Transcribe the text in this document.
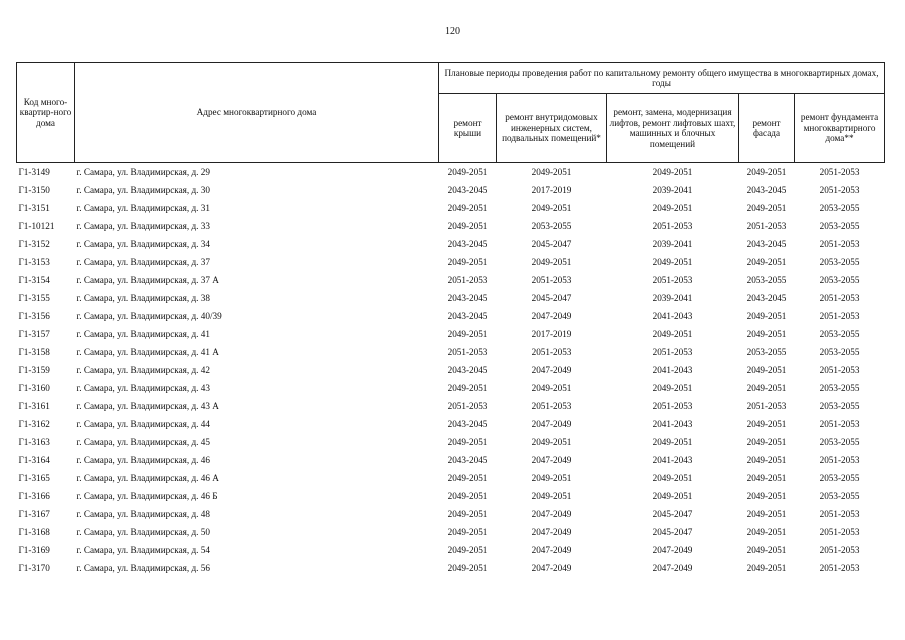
120
Код много-квартир-ного дома	Адрес многоквартирного дома	Плановые периоды проведения работ по капитальному ремонту общего имущества в многоквартирных домах, годы				
		ремонт крыши	ремонт внутридомовых инженерных систем, подвальных помещений*	ремонт, замена, модернизация лифтов, ремонт лифтовых шахт, машинных и блочных помещений	ремонт фасада	ремонт фундамента многоквартирного дома**
Г1-3149	г. Самара, ул. Владимирская, д. 29	2049-2051	2049-2051	2049-2051	2049-2051	2051-2053
Г1-3150	г. Самара, ул. Владимирская, д. 30	2043-2045	2017-2019	2039-2041	2043-2045	2051-2053
Г1-3151	г. Самара, ул. Владимирская, д. 31	2049-2051	2049-2051	2049-2051	2049-2051	2053-2055
Г1-10121	г. Самара, ул. Владимирская, д. 33	2049-2051	2053-2055	2051-2053	2051-2053	2053-2055
Г1-3152	г. Самара, ул. Владимирская, д. 34	2043-2045	2045-2047	2039-2041	2043-2045	2051-2053
Г1-3153	г. Самара, ул. Владимирская, д. 37	2049-2051	2049-2051	2049-2051	2049-2051	2053-2055
Г1-3154	г. Самара, ул. Владимирская, д. 37 А	2051-2053	2051-2053	2051-2053	2053-2055	2053-2055
Г1-3155	г. Самара, ул. Владимирская, д. 38	2043-2045	2045-2047	2039-2041	2043-2045	2051-2053
Г1-3156	г. Самара, ул. Владимирская, д. 40/39	2043-2045	2047-2049	2041-2043	2049-2051	2051-2053
Г1-3157	г. Самара, ул. Владимирская, д. 41	2049-2051	2017-2019	2049-2051	2049-2051	2053-2055
Г1-3158	г. Самара, ул. Владимирская, д. 41 А	2051-2053	2051-2053	2051-2053	2053-2055	2053-2055
Г1-3159	г. Самара, ул. Владимирская, д. 42	2043-2045	2047-2049	2041-2043	2049-2051	2051-2053
Г1-3160	г. Самара, ул. Владимирская, д. 43	2049-2051	2049-2051	2049-2051	2049-2051	2053-2055
Г1-3161	г. Самара, ул. Владимирская, д. 43 А	2051-2053	2051-2053	2051-2053	2051-2053	2053-2055
Г1-3162	г. Самара, ул. Владимирская, д. 44	2043-2045	2047-2049	2041-2043	2049-2051	2051-2053
Г1-3163	г. Самара, ул. Владимирская, д. 45	2049-2051	2049-2051	2049-2051	2049-2051	2053-2055
Г1-3164	г. Самара, ул. Владимирская, д. 46	2043-2045	2047-2049	2041-2043	2049-2051	2051-2053
Г1-3165	г. Самара, ул. Владимирская, д. 46 А	2049-2051	2049-2051	2049-2051	2049-2051	2053-2055
Г1-3166	г. Самара, ул. Владимирская, д. 46 Б	2049-2051	2049-2051	2049-2051	2049-2051	2053-2055
Г1-3167	г. Самара, ул. Владимирская, д. 48	2049-2051	2047-2049	2045-2047	2049-2051	2051-2053
Г1-3168	г. Самара, ул. Владимирская, д. 50	2049-2051	2047-2049	2045-2047	2049-2051	2051-2053
Г1-3169	г. Самара, ул. Владимирская, д. 54	2049-2051	2047-2049	2047-2049	2049-2051	2051-2053
Г1-3170	г. Самара, ул. Владимирская, д. 56	2049-2051	2047-2049	2047-2049	2049-2051	2051-2053
